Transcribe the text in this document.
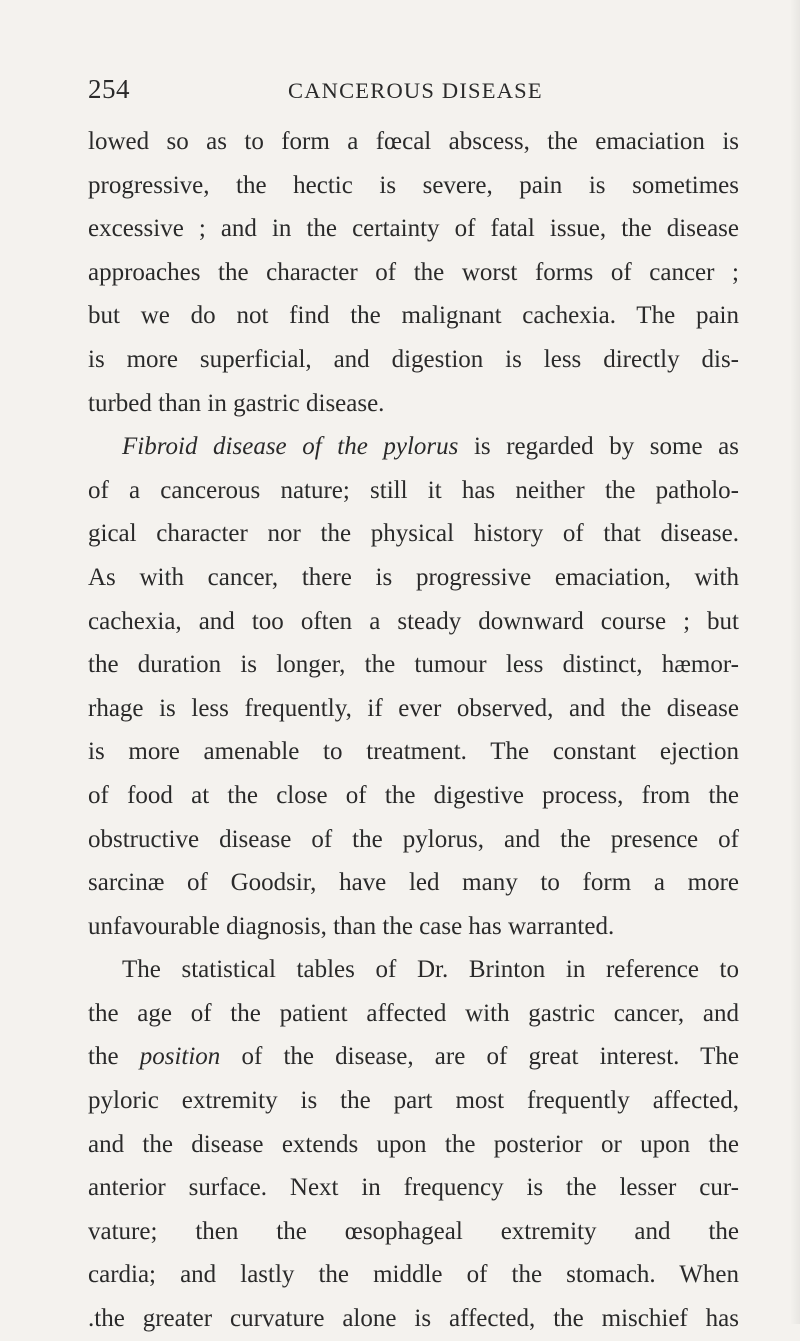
254	CANCEROUS DISEASE
lowed so as to form a fœcal abscess, the emaciation is
progressive, the hectic is severe, pain is sometimes
excessive ; and in the certainty of fatal issue, the disease
approaches the character of the worst forms of cancer ;
but we do not find the malignant cachexia. The pain
is more superficial, and digestion is less directly dis-
turbed than in gastric disease.
Fibroid disease of the pylorus is regarded by some as
of a cancerous nature; still it has neither the patholo-
gical character nor the physical history of that disease.
As with cancer, there is progressive emaciation, with
cachexia, and too often a steady downward course ; but
the duration is longer, the tumour less distinct, hæmor-
rhage is less frequently, if ever observed, and the disease
is more amenable to treatment. The constant ejection
of food at the close of the digestive process, from the
obstructive disease of the pylorus, and the presence of
sarcinæ of Goodsir, have led many to form a more
unfavourable diagnosis, than the case has warranted.
The statistical tables of Dr. Brinton in reference to
the age of the patient affected with gastric cancer, and
the position of the disease, are of great interest. The
pyloric extremity is the part most frequently affected,
and the disease extends upon the posterior or upon the
anterior surface. Next in frequency is the lesser cur-
vature; then the œsophageal extremity and the
cardia; and lastly the middle of the stomach. When
.the greater curvature alone is affected, the mischief has
